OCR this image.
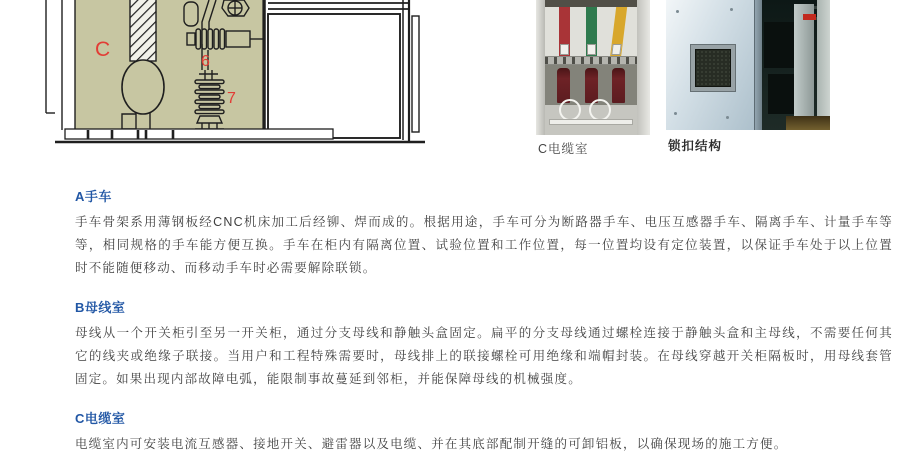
C
6
7
C电缆室	锁扣结构
A手车

手车骨架系用薄钢板经CNC机床加工后经铆、焊而成的。根据用途，手车可分为断路器手车、电压互感器手车、隔离手车、计量手车等等，相同规格的手车能方便互换。手车在柜内有隔离位置、试验位置和工作位置，每一位置均设有定位装置，以保证手车处于以上位置时不能随便移动、而移动手车时必需要解除联锁。

B母线室

母线从一个开关柜引至另一开关柜，通过分支母线和静触头盒固定。扁平的分支母线通过螺栓连接于静触头盒和主母线，不需要任何其它的线夹或绝缘子联接。当用户和工程特殊需要时，母线排上的联接螺栓可用绝缘和端帽封装。在母线穿越开关柜隔板时，用母线套管固定。如果出现内部故障电弧，能限制事故蔓延到邻柜，并能保障母线的机械强度。

C电缆室

电缆室内可安装电流互感器、接地开关、避雷器以及电缆、并在其底部配制开缝的可卸铝板，以确保现场的施工方便。
